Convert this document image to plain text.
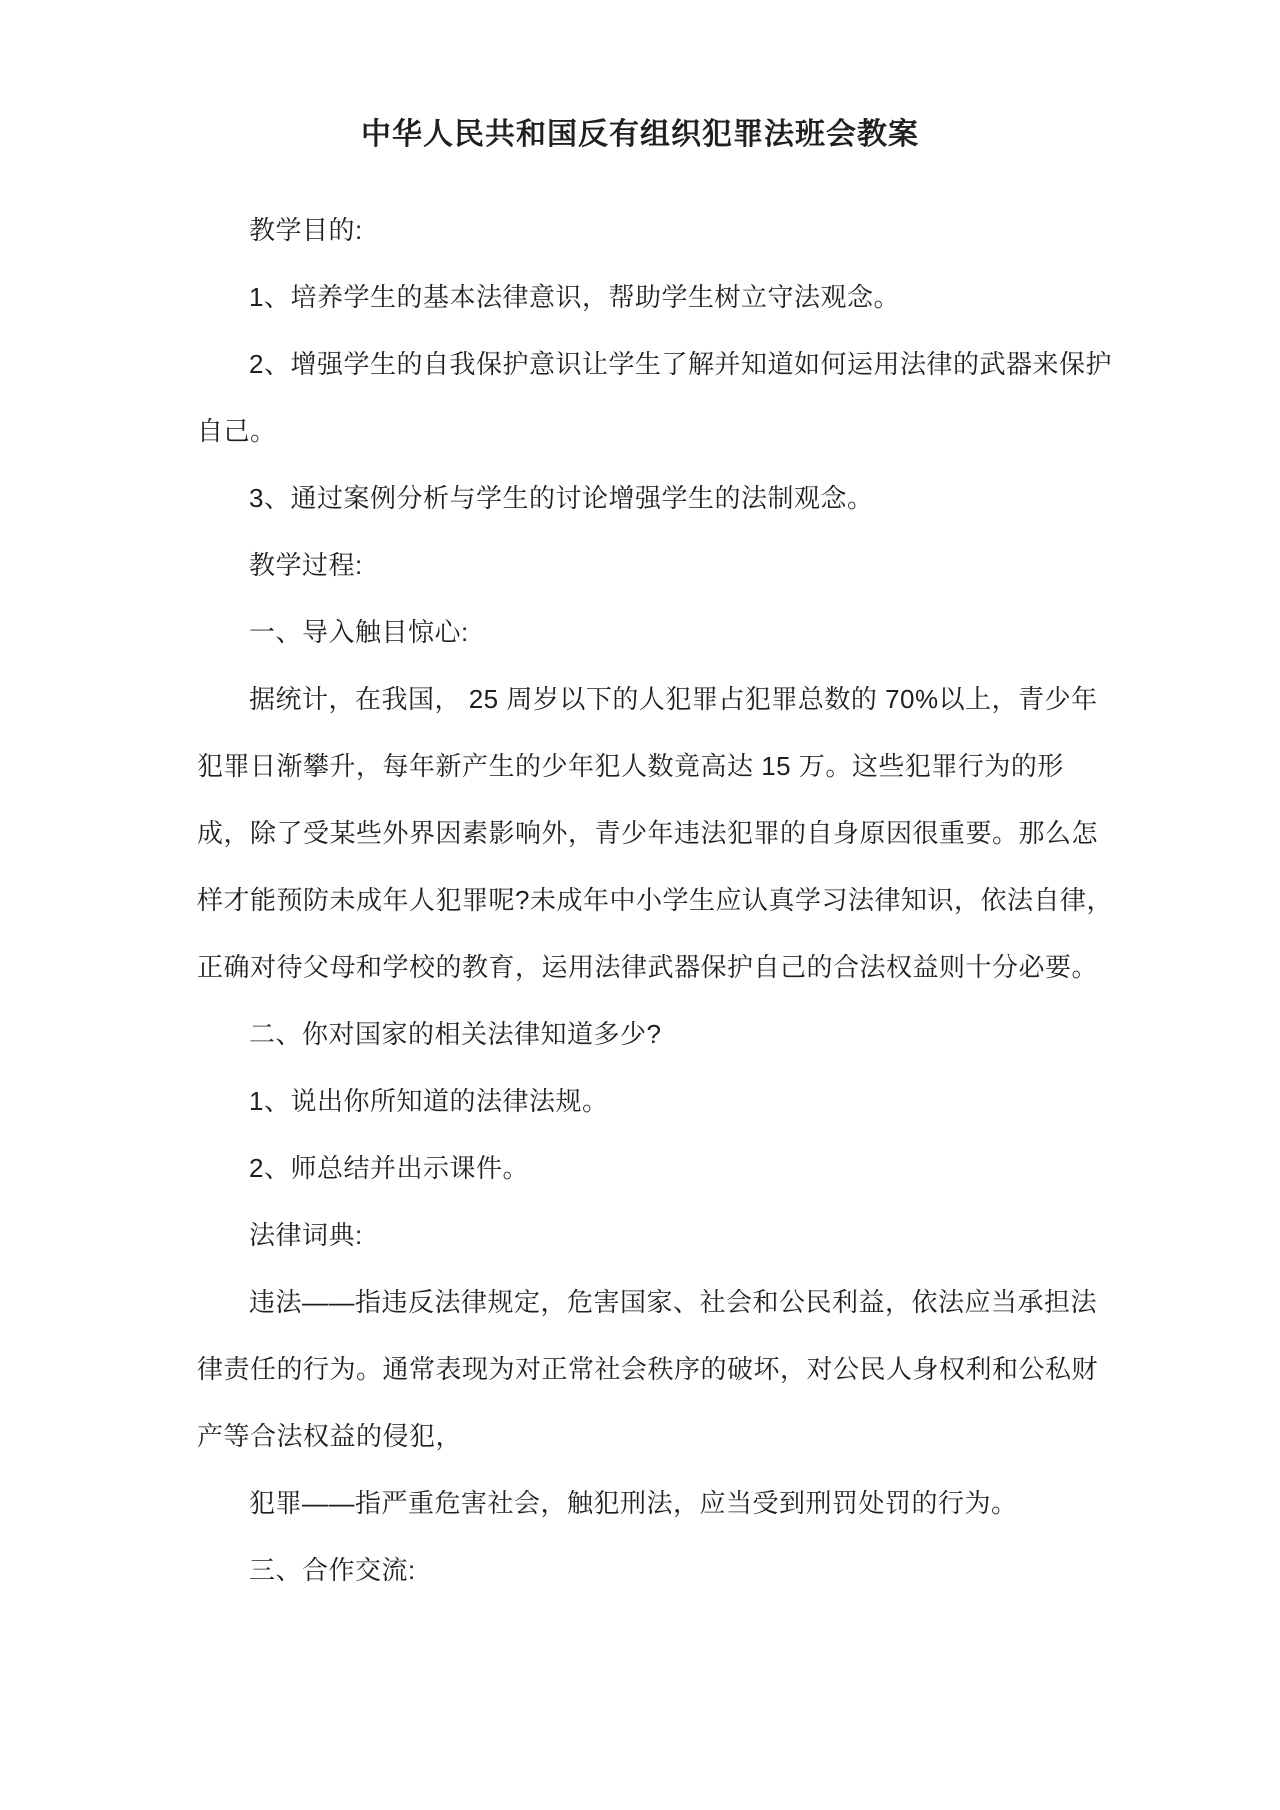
中华人民共和国反有组织犯罪法班会教案
教学目的:
1、培养学生的基本法律意识，帮助学生树立守法观念。
2、增强学生的自我保护意识让学生了解并知道如何运用法律的武器来保护
自己。
3、通过案例分析与学生的讨论增强学生的法制观念。
教学过程:
一、导入触目惊心:
据统计，在我国， 25 周岁以下的人犯罪占犯罪总数的 70%以上，青少年
犯罪日渐攀升，每年新产生的少年犯人数竟高达 15 万。这些犯罪行为的形
成，除了受某些外界因素影响外，青少年违法犯罪的自身原因很重要。那么怎
样才能预防未成年人犯罪呢?未成年中小学生应认真学习法律知识，依法自律，
正确对待父母和学校的教育，运用法律武器保护自己的合法权益则十分必要。
二、你对国家的相关法律知道多少?
1、说出你所知道的法律法规。
2、师总结并出示课件。
法律词典:
违法——指违反法律规定，危害国家、社会和公民利益，依法应当承担法
律责任的行为。通常表现为对正常社会秩序的破坏，对公民人身权利和公私财
产等合法权益的侵犯，
犯罪——指严重危害社会，触犯刑法，应当受到刑罚处罚的行为。
三、合作交流:
